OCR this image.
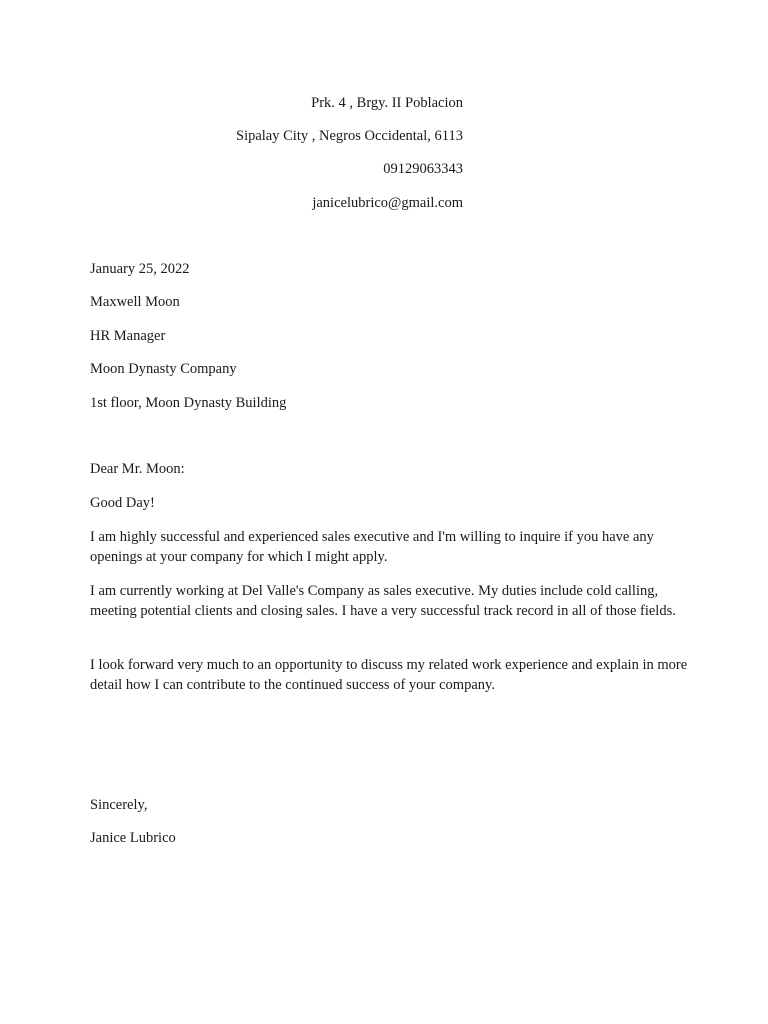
Prk. 4 , Brgy. II Poblacion
Sipalay City , Negros Occidental, 6113
09129063343
janicelubrico@gmail.com
January 25, 2022
Maxwell Moon
HR Manager
Moon Dynasty Company
1st floor, Moon Dynasty Building
Dear Mr. Moon:
Good Day!
I am highly successful and experienced sales executive and I'm willing to inquire if you have any openings at your company for which I might apply.
I am currently working at Del Valle's Company as sales executive. My duties include cold calling, meeting potential clients and closing sales. I have a very successful track record in all of those fields.
I look forward very much to an opportunity to discuss my related work experience and explain in more detail how I can contribute to the continued success of your company.
Sincerely,
Janice Lubrico
